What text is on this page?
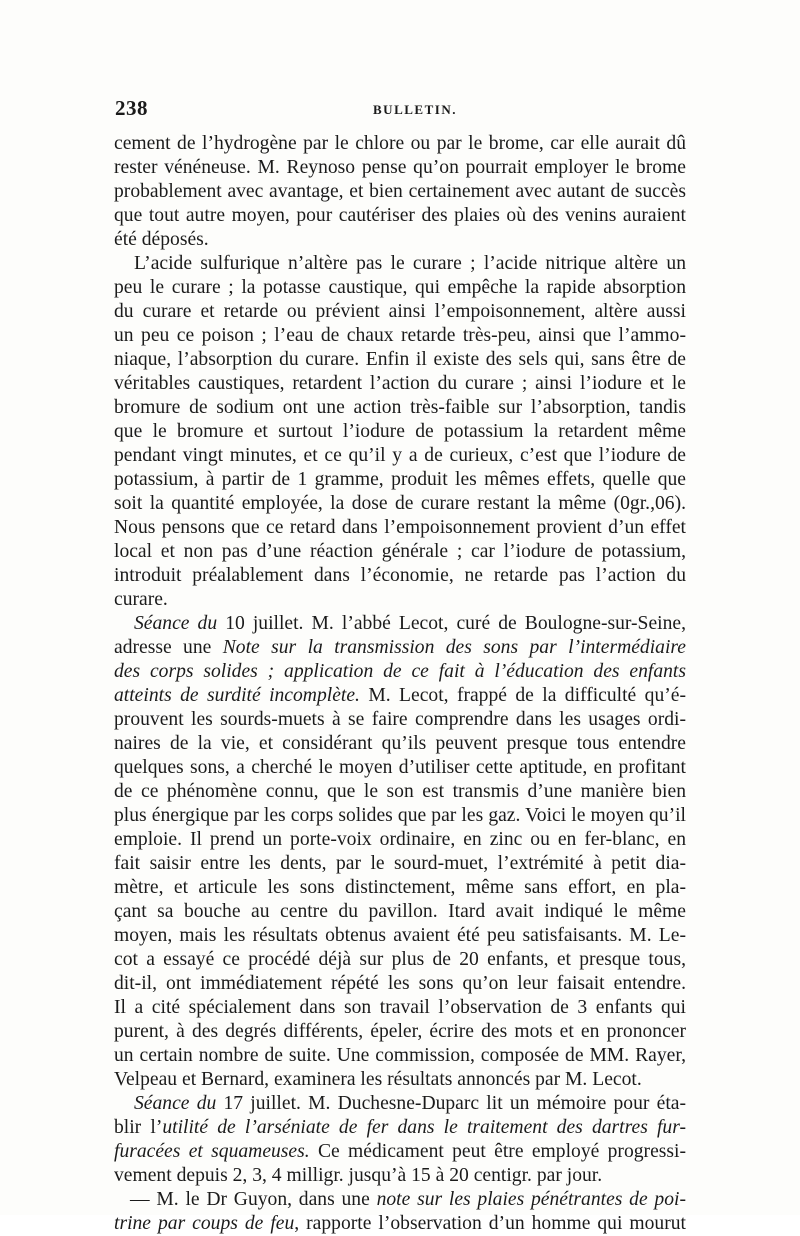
238	BULLETIN.
cement de l’hydrogène par le chlore ou par le brome, car elle aurait dû
rester vénéneuse. M. Reynoso pense qu’on pourrait employer le brome
probablement avec avantage, et bien certainement avec autant de succès
que tout autre moyen, pour cautériser des plaies où des venins auraient
été déposés.
L’acide sulfurique n’altère pas le curare ; l’acide nitrique altère un
peu le curare ; la potasse caustique, qui empêche la rapide absorption
du curare et retarde ou prévient ainsi l’empoisonnement, altère aussi
un peu ce poison ; l’eau de chaux retarde très-peu, ainsi que l’ammo-
niaque, l’absorption du curare. Enfin il existe des sels qui, sans être de
véritables caustiques, retardent l’action du curare ; ainsi l’iodure et le
bromure de sodium ont une action très-faible sur l’absorption, tandis
que le bromure et surtout l’iodure de potassium la retardent même
pendant vingt minutes, et ce qu’il y a de curieux, c’est que l’iodure de
potassium, à partir de 1 gramme, produit les mêmes effets, quelle que
soit la quantité employée, la dose de curare restant la même (0gr.,06).
Nous pensons que ce retard dans l’empoisonnement provient d’un effet
local et non pas d’une réaction générale ; car l’iodure de potassium,
introduit préalablement dans l’économie, ne retarde pas l’action du
curare.
Séance du 10 juillet. M. l’abbé Lecot, curé de Boulogne-sur-Seine,
adresse une Note sur la transmission des sons par l’intermédiaire
des corps solides ; application de ce fait à l’éducation des enfants
atteints de surdité incomplète. M. Lecot, frappé de la difficulté qu’é-
prouvent les sourds-muets à se faire comprendre dans les usages ordi-
naires de la vie, et considérant qu’ils peuvent presque tous entendre
quelques sons, a cherché le moyen d’utiliser cette aptitude, en profitant
de ce phénomène connu, que le son est transmis d’une manière bien
plus énergique par les corps solides que par les gaz. Voici le moyen qu’il
emploie. Il prend un porte-voix ordinaire, en zinc ou en fer-blanc, en
fait saisir entre les dents, par le sourd-muet, l’extrémité à petit dia-
mètre, et articule les sons distinctement, même sans effort, en pla-
çant sa bouche au centre du pavillon. Itard avait indiqué le même
moyen, mais les résultats obtenus avaient été peu satisfaisants. M. Le-
cot a essayé ce procédé déjà sur plus de 20 enfants, et presque tous,
dit-il, ont immédiatement répété les sons qu’on leur faisait entendre.
Il a cité spécialement dans son travail l’observation de 3 enfants qui
purent, à des degrés différents, épeler, écrire des mots et en prononcer
un certain nombre de suite. Une commission, composée de MM. Rayer,
Velpeau et Bernard, examinera les résultats annoncés par M. Lecot.
Séance du 17 juillet. M. Duchesne-Duparc lit un mémoire pour éta-
blir l’utilité de l’arséniate de fer dans le traitement des dartres fur-
furacées et squameuses. Ce médicament peut être employé progressi-
vement depuis 2, 3, 4 milligr. jusqu’à 15 à 20 centigr. par jour.
— M. le Dr Guyon, dans une note sur les plaies pénétrantes de poi-
trine par coups de feu, rapporte l’observation d’un homme qui mourut
